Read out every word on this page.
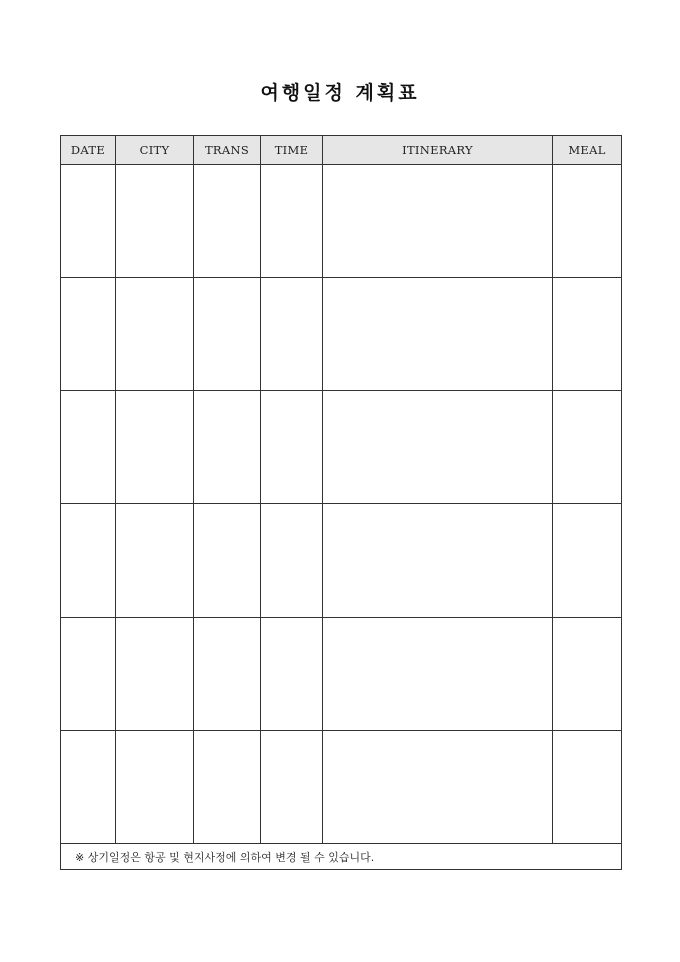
여행일정 계획표
DATE	CITY	TRANS	TIME	ITINERARY	MEAL

※ 상기일정은 항공 및 현지사정에 의하여 변경 될 수 있습니다.					
